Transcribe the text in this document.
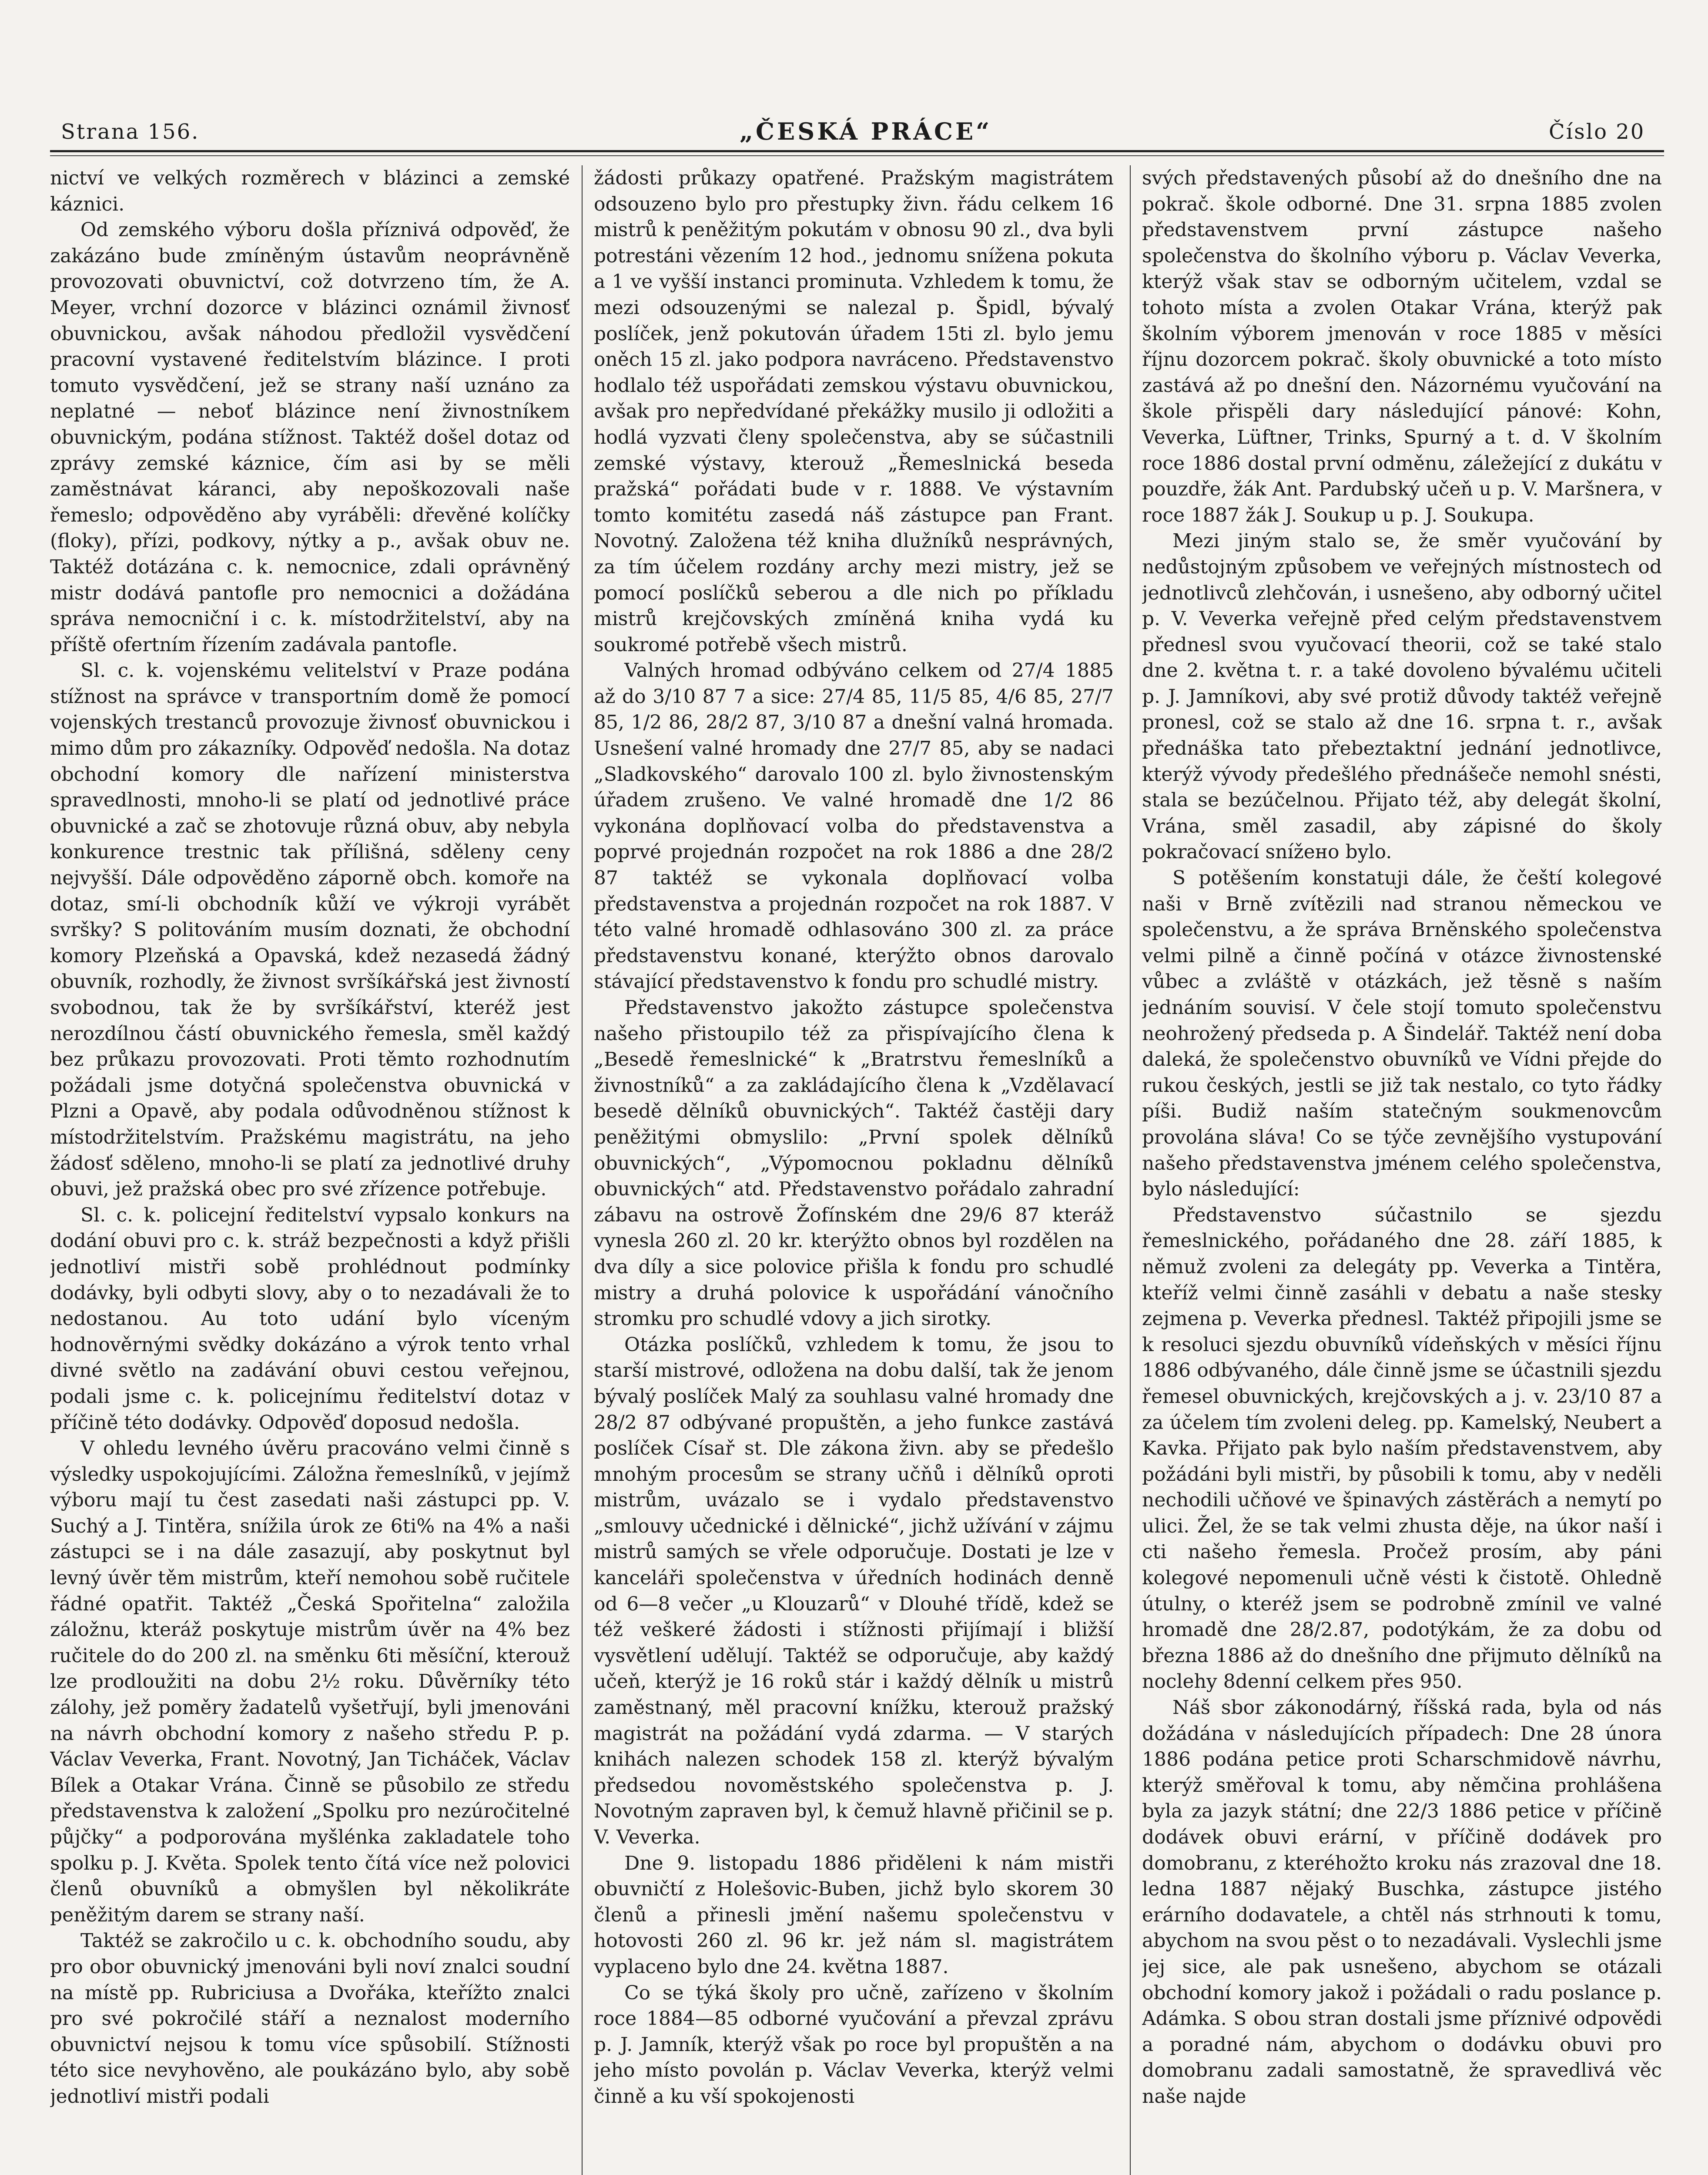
Strana 156.	„ČESKÁ PRÁCE“	Číslo 20

nictví ve velkých rozměrech v blázinci a zemské káznici.

Od zemského výboru došla příznivá odpověď, že zakázáno bude zmíněným ústavům neoprávněně provozovati obuvnictví, což dotvrzeno tím, že A. Meyer, vrchní dozorce v blázinci oznámil živnosť obuvnickou, avšak náhodou předložil vysvědčení pracovní vystavené ředitelstvím blázince. I proti tomuto vysvědčení, jež se strany naší uznáno za neplatné — neboť blázince není živnostníkem obuvnickým, podána stížnost. Taktéž došel dotaz od zprávy zemské káznice, čím asi by se měli zaměstnávat káranci, aby nepoškozovali naše řemeslo; odpověděno aby vyráběli: dřevěné kolíčky (floky), přízi, podkovy, nýtky a p., avšak obuv ne. Taktéž dotázána c. k. nemocnice, zdali oprávněný mistr dodává pantofle pro nemocnici a dožádána správa nemocniční i c. k. místodržitelství, aby na příště ofertním řízením zadávala pantofle.

Sl. c. k. vojenskému velitelství v Praze podána stížnost na správce v transportním domě že pomocí vojenských trestanců provozuje živnosť obuvnickou i mimo dům pro zákazníky. Odpověď nedošla. Na dotaz obchodní komory dle nařízení ministerstva spravedlnosti, mnoho-li se platí od jednotlivé práce obuvnické a zač se zhotovuje různá obuv, aby nebyla konkurence trestnic tak přílišná, sděleny ceny nejvyšší. Dále odpověděno záporně obch. komoře na dotaz, smí-li obchodník kůží ve výkroji vyrábět svršky? S politováním musím doznati, že obchodní komory Plzeňská a Opavská, kdež nezasedá žádný obuvník, rozhodly, že živnost svršíkářská jest živností svobodnou, tak že by svršíkářství, kteréž jest nerozdílnou částí obuvnického řemesla, směl každý bez průkazu provozovati. Proti těmto rozhodnutím požádali jsme dotyčná společenstva obuvnická v Plzni a Opavě, aby podala odůvodněnou stížnost k místodržitelstvím. Pražskému magistrátu, na jeho žádosť sděleno, mnoho-li se platí za jednotlivé druhy obuvi, jež pražská obec pro své zřízence potřebuje.

Sl. c. k. policejní ředitelství vypsalo konkurs na dodání obuvi pro c. k. stráž bezpečnosti a když přišli jednotliví mistři sobě prohlédnout podmínky dodávky, byli odbyti slovy, aby o to nezadávali že to nedostanou. Au toto udání bylo víceným hodnověrnými svědky dokázáno a výrok tento vrhal divné světlo na zadávání obuvi cestou veřejnou, podali jsme c. k. policejnímu ředitelství dotaz v příčině této dodávky. Odpověď doposud nedošla.

V ohledu levného úvěru pracováno velmi činně s výsledky uspokojujícími. Záložna řemeslníků, v jejímž výboru mají tu čest zasedati naši zástupci pp. V. Suchý a J. Tintěra, snížila úrok ze 6ti% na 4% a naši zástupci se i na dále zasazují, aby poskytnut byl levný úvěr těm mistrům, kteří nemohou sobě ručitele řádné opatřit. Taktéž „Česká Spořitelna“ založila záložnu, kteráž poskytuje mistrům úvěr na 4% bez ručitele do do 200 zl. na směnku 6ti měsíční, kterouž lze prodloužiti na dobu 2½ roku. Důvěrníky této zálohy, jež poměry žadatelů vyšetřují, byli jmenováni na návrh obchodní komory z našeho středu P. p. Václav Veverka, Frant. Novotný, Jan Ticháček, Václav Bílek a Otakar Vrána. Činně se působilo ze středu představenstva k založení „Spolku pro nezúročitelné půjčky“ a podporována myšlénka zakladatele toho spolku p. J. Květa. Spolek tento čítá více než polovici členů obuvníků a obmyšlen byl několikráte peněžitým darem se strany naší.

Taktéž se zakročilo u c. k. obchodního soudu, aby pro obor obuvnický jmenováni byli noví znalci soudní na místě pp. Rubriciusa a Dvořáka, kteřížto znalci pro své pokročilé stáří a neznalost moderního obuvnictví nejsou k tomu více spůsobilí. Stížnosti této sice nevyhověno, ale poukázáno bylo, aby sobě jednotliví mistři podali

žádosti průkazy opatřené. Pražským magistrátem odsouzeno bylo pro přestupky živn. řádu celkem 16 mistrů k peněžitým pokutám v obnosu 90 zl., dva byli potrestáni vězením 12 hod., jednomu snížena pokuta a 1 ve vyšší instanci prominuta. Vzhledem k tomu, že mezi odsouzenými se nalezal p. Špidl, bývalý poslíček, jenž pokutován úřadem 15ti zl. bylo jemu oněch 15 zl. jako podpora navráceno. Představenstvo hodlalo též uspořádati zemskou výstavu obuvnickou, avšak pro nepředvídané překážky musilo ji odložiti a hodlá vyzvati členy společenstva, aby se súčastnili zemské výstavy, kterouž „Řemeslnická beseda pražská“ pořádati bude v r. 1888. Ve výstavním tomto komitétu zasedá náš zástupce pan Frant. Novotný. Založena též kniha dlužníků nesprávných, za tím účelem rozdány archy mezi mistry, jež se pomocí poslíčků seberou a dle nich po příkladu mistrů krejčovských zmíněná kniha vydá ku soukromé potřebě všech mistrů.

Valných hromad odbýváno celkem od 27/4 1885 až do 3/10 87 7 a sice: 27/4 85, 11/5 85, 4/6 85, 27/7 85, 1/2 86, 28/2 87, 3/10 87 a dnešní valná hromada. Usnešení valné hromady dne 27/7 85, aby se nadaci „Sladkovského“ darovalo 100 zl. bylo živnostenským úřadem zrušeno. Ve valné hromadě dne 1/2 86 vykonána doplňovací volba do představenstva a poprvé projednán rozpočet na rok 1886 a dne 28/2 87 taktéž se vykonala doplňovací volba představenstva a projednán rozpočet na rok 1887. V této valné hromadě odhlasováno 300 zl. za práce představenstvu konané, kterýžto obnos darovalo stávající představenstvo k fondu pro schudlé mistry.

Představenstvo jakožto zástupce společenstva našeho přistoupilo též za přispívajícího člena k „Besedě řemeslnické“ k „Bratrstvu řemeslníků a živnostníků“ a za zakládajícího člena k „Vzdělavací besedě dělníků obuvnických“. Taktéž častěji dary peněžitými obmyslilo: „První spolek dělníků obuvnických“, „Výpomocnou pokladnu dělníků obuvnických“ atd. Představenstvo pořádalo zahradní zábavu na ostrově Žofínském dne 29/6 87 kteráž vynesla 260 zl. 20 kr. kterýžto obnos byl rozdělen na dva díly a sice polovice přišla k fondu pro schudlé mistry a druhá polovice k uspořádání vánočního stromku pro schudlé vdovy a jich sirotky.

Otázka poslíčků, vzhledem k tomu, že jsou to starší mistrové, odložena na dobu další, tak že jenom bývalý poslíček Malý za souhlasu valné hromady dne 28/2 87 odbývané propuštěn, a jeho funkce zastává poslíček Císař st. Dle zákona živn. aby se předešlo mnohým procesům se strany učňů i dělníků oproti mistrům, uvázalo se i vydalo představenstvo „smlouvy učednické i dělnické“, jichž užívání v zájmu mistrů samých se vřele odporučuje. Dostati je lze v kanceláři společenstva v úředních hodinách denně od 6—8 večer „u Klouzarů“ v Dlouhé třídě, kdež se též veškeré žádosti i stížnosti přijímají i bližší vysvětlení udělují. Taktéž se odporučuje, aby každý učeň, kterýž je 16 roků stár i každý dělník u mistrů zaměstnaný, měl pracovní knížku, kterouž pražský magistrát na požádání vydá zdarma. — V starých knihách nalezen schodek 158 zl. kterýž bývalým předsedou novoměstského společenstva p. J. Novotným zapraven byl, k čemuž hlavně přičinil se p. V. Veverka.

Dne 9. listopadu 1886 přiděleni k nám mistři obuvničtí z Holešovic-Buben, jichž bylo skorem 30 členů a přinesli jmění našemu společenstvu v hotovosti 260 zl. 96 kr. jež nám sl. magistrátem vyplaceno bylo dne 24. května 1887.

Co se týká školy pro učně, zařízeno v školním roce 1884—85 odborné vyučování a převzal zprávu p. J. Jamník, kterýž však po roce byl propuštěn a na jeho místo povolán p. Václav Veverka, kterýž velmi činně a ku vší spokojenosti

svých představených působí až do dnešního dne na pokrač. škole odborné. Dne 31. srpna 1885 zvolen představenstvem první zástupce našeho společenstva do školního výboru p. Václav Veverka, kterýž však stav se odborným učitelem, vzdal se tohoto místa a zvolen Otakar Vrána, kterýž pak školním výborem jmenován v roce 1885 v měsíci říjnu dozorcem pokrač. školy obuvnické a toto místo zastává až po dnešní den. Názornému vyučování na škole přispěli dary následující pánové: Kohn, Veverka, Lüftner, Trinks, Spurný a t. d. V školním roce 1886 dostal první odměnu, záležející z dukátu v pouzdře, žák Ant. Pardubský učeň u p. V. Maršnera, v roce 1887 žák J. Soukup u p. J. Soukupa.

Mezi jiným stalo se, že směr vyučování by nedůstojným způsobem ve veřejných místnostech od jednotlivců zlehčován, i usnešeno, aby odborný učitel p. V. Veverka veřejně před celým představenstvem přednesl svou vyučovací theorii, což se také stalo dne 2. května t. r. a také dovoleno bývalému učiteli p. J. Jamníkovi, aby své protiž důvody taktéž veřejně pronesl, což se stalo až dne 16. srpna t. r., avšak přednáška tato přebeztaktní jednání jednotlivce, kterýž vývody předešlého přednášeče nemohl snésti, stala se bezúčelnou. Přijato též, aby delegát školní, Vrána, směl zasadil, aby zápisné do školy pokračovací snížено bylo.

S potěšením konstatuji dále, že čeští kolegové naši v Brně zvítězili nad stranou německou ve společenstvu, a že správa Brněnského společenstva velmi pilně a činně počíná v otázce živnostenské vůbec a zvláště v otázkách, jež těsně s naším jednáním souvisí. V čele stojí tomuto společenstvu neohrožený předseda p. A Šindelář. Taktéž není doba daleká, že společenstvo obuvníků ve Vídni přejde do rukou českých, jestli se již tak nestalo, co tyto řádky píši. Budiž naším statečným soukmenovcům provolána sláva! Co se týče zevnějšího vystupování našeho představenstva jménem celého společenstva, bylo následující:

Představenstvo súčastnilo se sjezdu řemeslnického, pořádaného dne 28. září 1885, k němuž zvoleni za delegáty pp. Veverka a Tintěra, kteříž velmi činně zasáhli v debatu a naše stesky zejmena p. Veverka přednesl. Taktéž připojili jsme se k resoluci sjezdu obuvníků vídeňských v měsíci říjnu 1886 odbývaného, dále činně jsme se účastnili sjezdu řemesel obuvnických, krejčovských a j. v. 23/10 87 a za účelem tím zvoleni deleg. pp. Kamelský, Neubert a Kavka. Přijato pak bylo naším představenstvem, aby požádáni byli mistři, by působili k tomu, aby v neděli nechodili učňové ve špinavých zástěrách a nemytí po ulici. Žel, že se tak velmi zhusta děje, na úkor naší i cti našeho řemesla. Pročež prosím, aby páni kolegové nepomenuli učně vésti k čistotě. Ohledně útulny, o kteréž jsem se podrobně zmínil ve valné hromadě dne 28/2.87, podotýkám, že za dobu od března 1886 až do dnešního dne přijmuto dělníků na noclehy 8denní celkem přes 950.

Náš sbor zákonodárný, říšská rada, byla od nás dožádána v následujících případech: Dne 28 února 1886 podána petice proti Scharschmidově návrhu, kterýž směřoval k tomu, aby němčina prohlášena byla za jazyk státní; dne 22/3 1886 petice v příčině dodávek obuvi erární, v příčině dodávek pro domobranu, z kteréhožto kroku nás zrazoval dne 18. ledna 1887 nějaký Buschka, zástupce jistého erárního dodavatele, a chtěl nás strhnouti k tomu, abychom na svou pěst o to nezadávali. Vyslechli jsme jej sice, ale pak usnešeno, abychom se otázali obchodní komory jakož i požádali o radu poslance p. Adámka. S obou stran dostali jsme příznivé odpovědi a poradné nám, abychom o dodávku obuvi pro domobranu zadali samostatně, že spravedlivá věc naše najde
